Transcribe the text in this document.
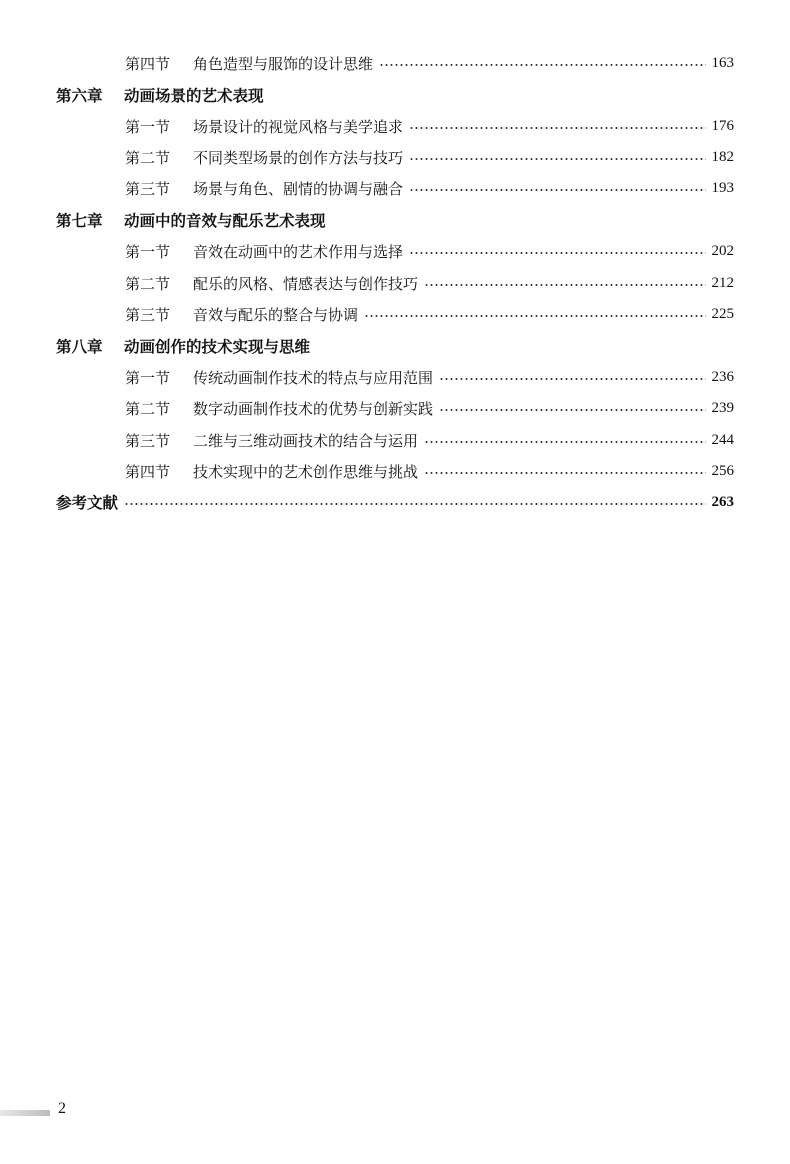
第四节	角色造型与服饰的设计思维	163
第六章	动画场景的艺术表现
第一节	场景设计的视觉风格与美学追求	176
第二节	不同类型场景的创作方法与技巧	182
第三节	场景与角色、剧情的协调与融合	193
第七章	动画中的音效与配乐艺术表现
第一节	音效在动画中的艺术作用与选择	202
第二节	配乐的风格、情感表达与创作技巧	212
第三节	音效与配乐的整合与协调	225
第八章	动画创作的技术实现与思维
第一节	传统动画制作技术的特点与应用范围	236
第二节	数字动画制作技术的优势与创新实践	239
第三节	二维与三维动画技术的结合与运用	244
第四节	技术实现中的艺术创作思维与挑战	256
参考文献	263
2
